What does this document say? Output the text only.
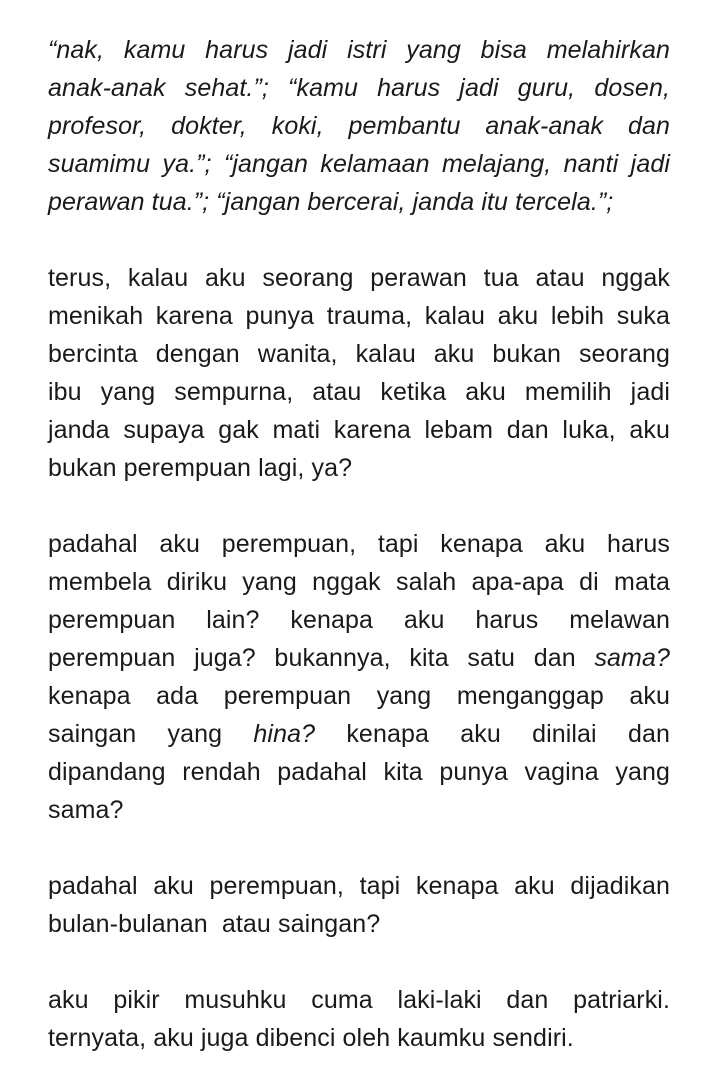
“nak, kamu harus jadi istri yang bisa melahirkan
anak-anak sehat.”; “kamu harus jadi guru, dosen,
profesor, dokter, koki, pembantu anak-anak dan
suamimu ya.”; “jangan kelamaan melajang, nanti jadi
perawan tua.”; “jangan bercerai, janda itu tercela.”;
terus, kalau aku seorang perawan tua atau nggak
menikah karena punya trauma, kalau aku lebih suka
bercinta dengan wanita, kalau aku bukan seorang
ibu yang sempurna, atau ketika aku memilih jadi
janda supaya gak mati karena lebam dan luka, aku
bukan perempuan lagi, ya?
padahal aku perempuan, tapi kenapa aku harus
membela diriku yang nggak salah apa-apa di mata
perempuan lain? kenapa aku harus melawan
perempuan juga? bukannya, kita satu dan sama?
kenapa ada perempuan yang menganggap aku
saingan yang hina? kenapa aku dinilai dan
dipandang rendah padahal kita punya vagina yang
sama?
padahal aku perempuan, tapi kenapa aku dijadikan
bulan-bulanan  atau saingan?
aku pikir musuhku cuma laki-laki dan patriarki.
ternyata, aku juga dibenci oleh kaumku sendiri.
